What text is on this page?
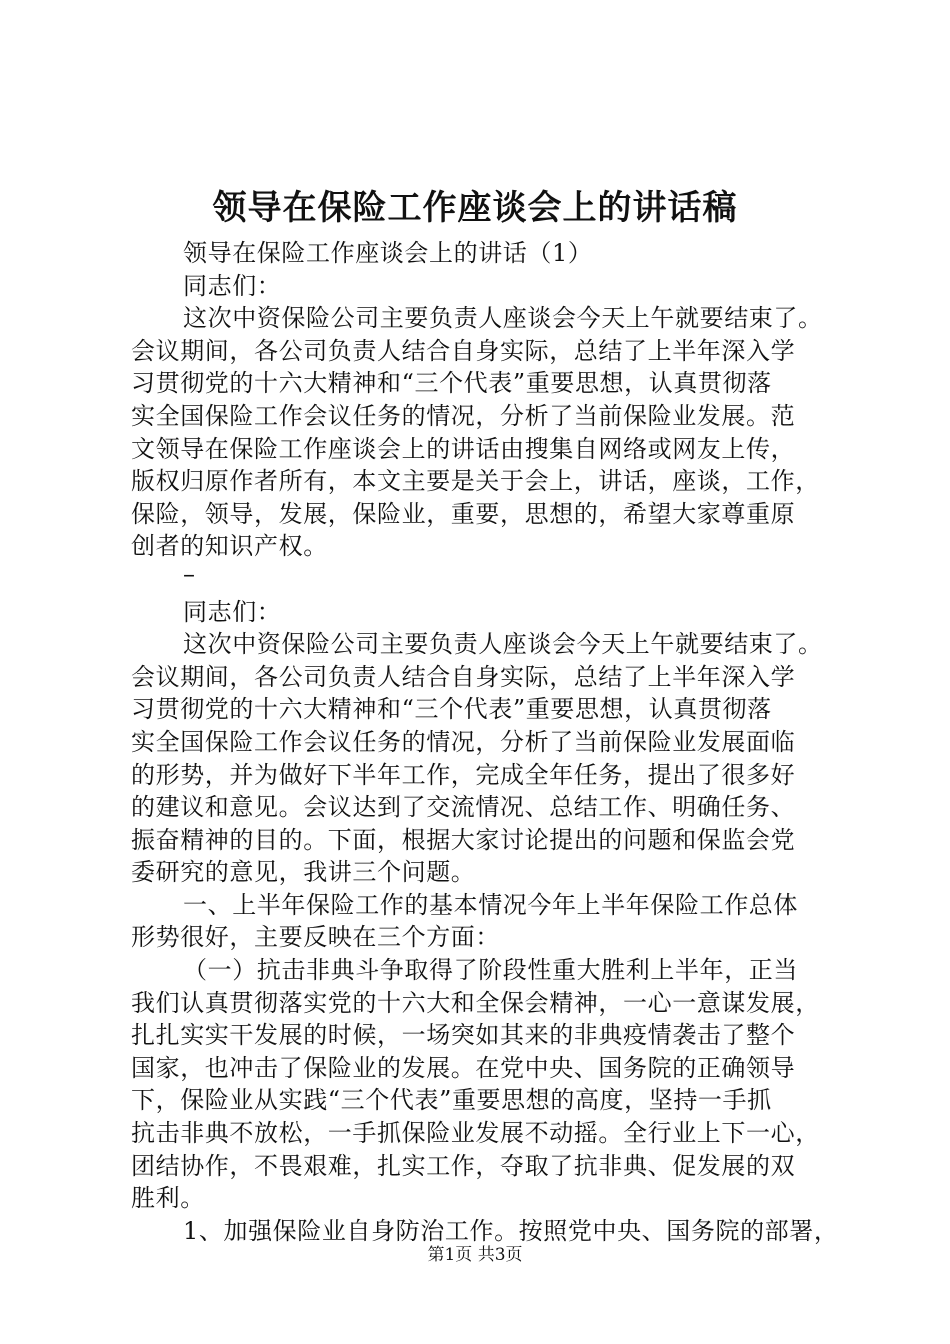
领导在保险工作座谈会上的讲话稿

领导在保险工作座谈会上的讲话（1）

同志们：

这次中资保险公司主要负责人座谈会今天上午就要结束了。

会议期间，各公司负责人结合自身实际，总结了上半年深入学

习贯彻党的十六大精神和“三个代表”重要思想，认真贯彻落

实全国保险工作会议任务的情况，分析了当前保险业发展。范

文领导在保险工作座谈会上的讲话由搜集自网络或网友上传，

版权归原作者所有，本文主要是关于会上，讲话，座谈，工作，

保险，领导，发展，保险业，重要，思想的，希望大家尊重原

创者的知识产权。

–

同志们：

这次中资保险公司主要负责人座谈会今天上午就要结束了。

会议期间，各公司负责人结合自身实际，总结了上半年深入学

习贯彻党的十六大精神和“三个代表”重要思想，认真贯彻落

实全国保险工作会议任务的情况，分析了当前保险业发展面临

的形势，并为做好下半年工作，完成全年任务，提出了很多好

的建议和意见。会议达到了交流情况、总结工作、明确任务、

振奋精神的目的。下面，根据大家讨论提出的问题和保监会党

委研究的意见，我讲三个问题。

一、上半年保险工作的基本情况今年上半年保险工作总体

形势很好，主要反映在三个方面：

（一）抗击非典斗争取得了阶段性重大胜利上半年，正当

我们认真贯彻落实党的十六大和全保会精神，一心一意谋发展，

扎扎实实干发展的时候，一场突如其来的非典疫情袭击了整个

国家，也冲击了保险业的发展。在党中央、国务院的正确领导

下，保险业从实践“三个代表”重要思想的高度，坚持一手抓

抗击非典不放松，一手抓保险业发展不动摇。全行业上下一心，

团结协作，不畏艰难，扎实工作，夺取了抗非典、促发展的双

胜利。

1、加强保险业自身防治工作。按照党中央、国务院的部署，

第1页 共3页
